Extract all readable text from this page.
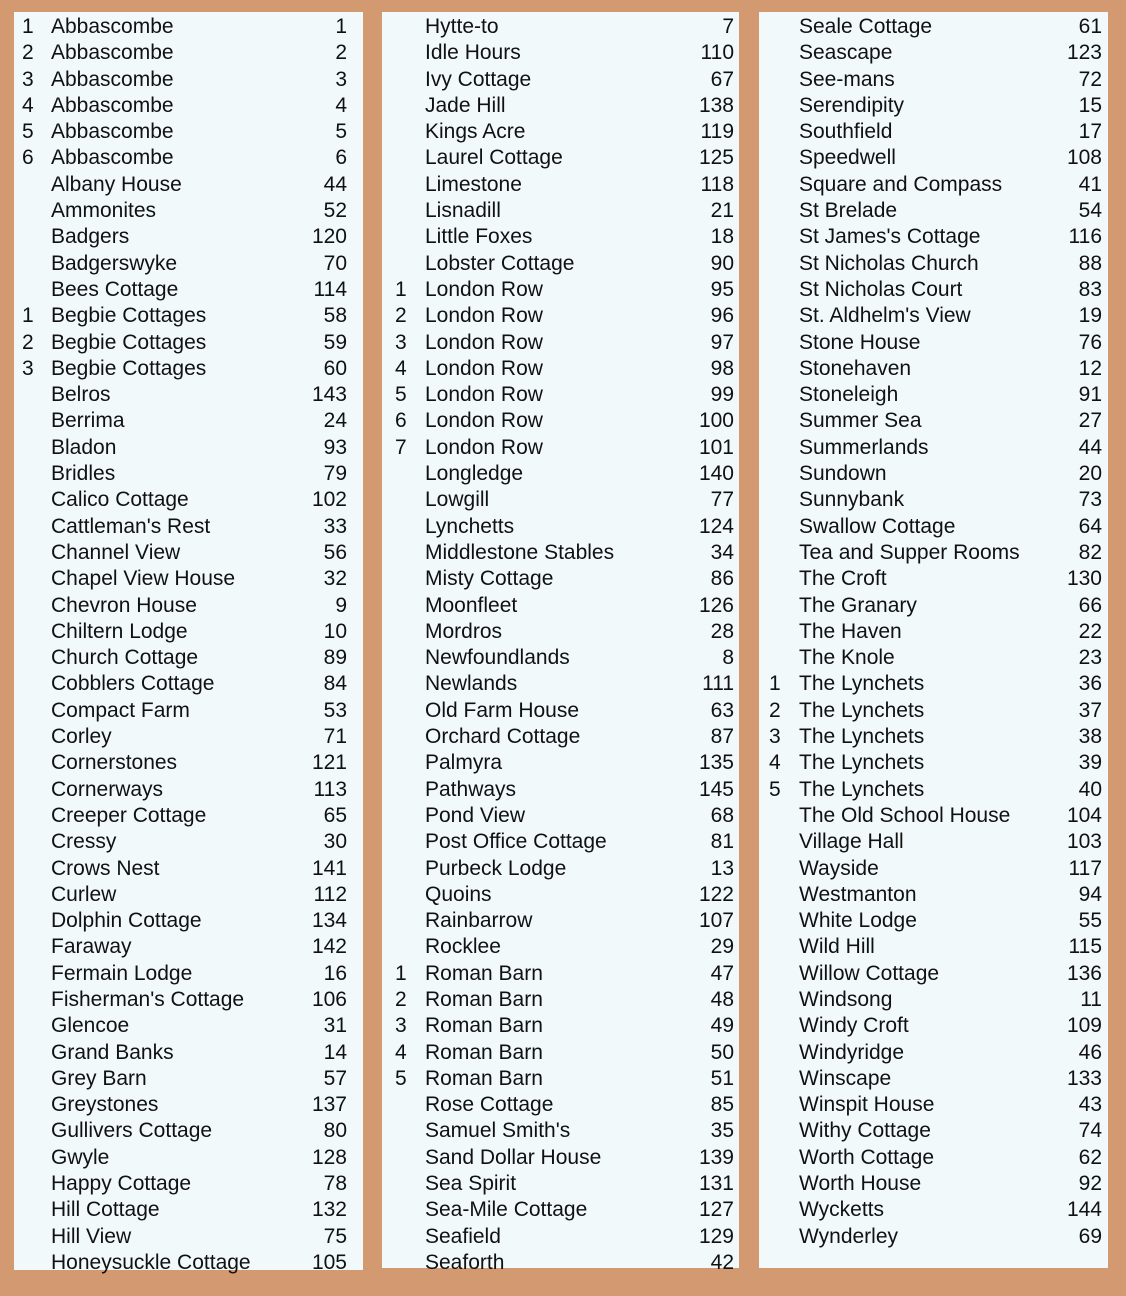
1 Abbascombe	1
2 Abbascombe	2
3 Abbascombe	3
4 Abbascombe	4
5 Abbascombe	5
6 Abbascombe	6
Albany House	44
Ammonites	52
Badgers	120
Badgerswyke	70
Bees Cottage	114
1 Begbie Cottages	58
2 Begbie Cottages	59
3 Begbie Cottages	60
Belros	143
Berrima	24
Bladon	93
Bridles	79
Calico Cottage	102
Cattleman's Rest	33
Channel View	56
Chapel View House	32
Chevron House	9
Chiltern Lodge	10
Church Cottage	89
Cobblers Cottage	84
Compact Farm	53
Corley	71
Cornerstones	121
Cornerways	113
Creeper Cottage	65
Cressy	30
Crows Nest	141
Curlew	112
Dolphin Cottage	134
Faraway	142
Fermain Lodge	16
Fisherman's Cottage	106
Glencoe	31
Grand Banks	14
Grey Barn	57
Greystones	137
Gullivers Cottage	80
Gwyle	128
Happy Cottage	78
Hill Cottage	132
Hill View	75
Honeysuckle Cottage	105
Hytte-to	7
Idle Hours	110
Ivy Cottage	67
Jade Hill	138
Kings Acre	119
Laurel Cottage	125
Limestone	118
Lisnadill	21
Little Foxes	18
Lobster Cottage	90
1 London Row	95
2 London Row	96
3 London Row	97
4 London Row	98
5 London Row	99
6 London Row	100
7 London Row	101
Longledge	140
Lowgill	77
Lynchetts	124
Middlestone Stables	34
Misty Cottage	86
Moonfleet	126
Mordros	28
Newfoundlands	8
Newlands	111
Old Farm House	63
Orchard Cottage	87
Palmyra	135
Pathways	145
Pond View	68
Post Office Cottage	81
Purbeck Lodge	13
Quoins	122
Rainbarrow	107
Rocklee	29
1 Roman Barn	47
2 Roman Barn	48
3 Roman Barn	49
4 Roman Barn	50
5 Roman Barn	51
Rose Cottage	85
Samuel Smith's	35
Sand Dollar House	139
Sea Spirit	131
Sea-Mile Cottage	127
Seafield	129
Seaforth	42
Seale Cottage	61
Seascape	123
See-mans	72
Serendipity	15
Southfield	17
Speedwell	108
Square and Compass	41
St Brelade	54
St James's Cottage	116
St Nicholas Church	88
St Nicholas Court	83
St. Aldhelm's View	19
Stone House	76
Stonehaven	12
Stoneleigh	91
Summer Sea	27
Summerlands	44
Sundown	20
Sunnybank	73
Swallow Cottage	64
Tea and Supper Rooms	82
The Croft	130
The Granary	66
The Haven	22
The Knole	23
1 The Lynchets	36
2 The Lynchets	37
3 The Lynchets	38
4 The Lynchets	39
5 The Lynchets	40
The Old School House	104
Village Hall	103
Wayside	117
Westmanton	94
White Lodge	55
Wild Hill	115
Willow Cottage	136
Windsong	11
Windy Croft	109
Windyridge	46
Winscape	133
Winspit House	43
Withy Cottage	74
Worth Cottage	62
Worth House	92
Wycketts	144
Wynderley	69
